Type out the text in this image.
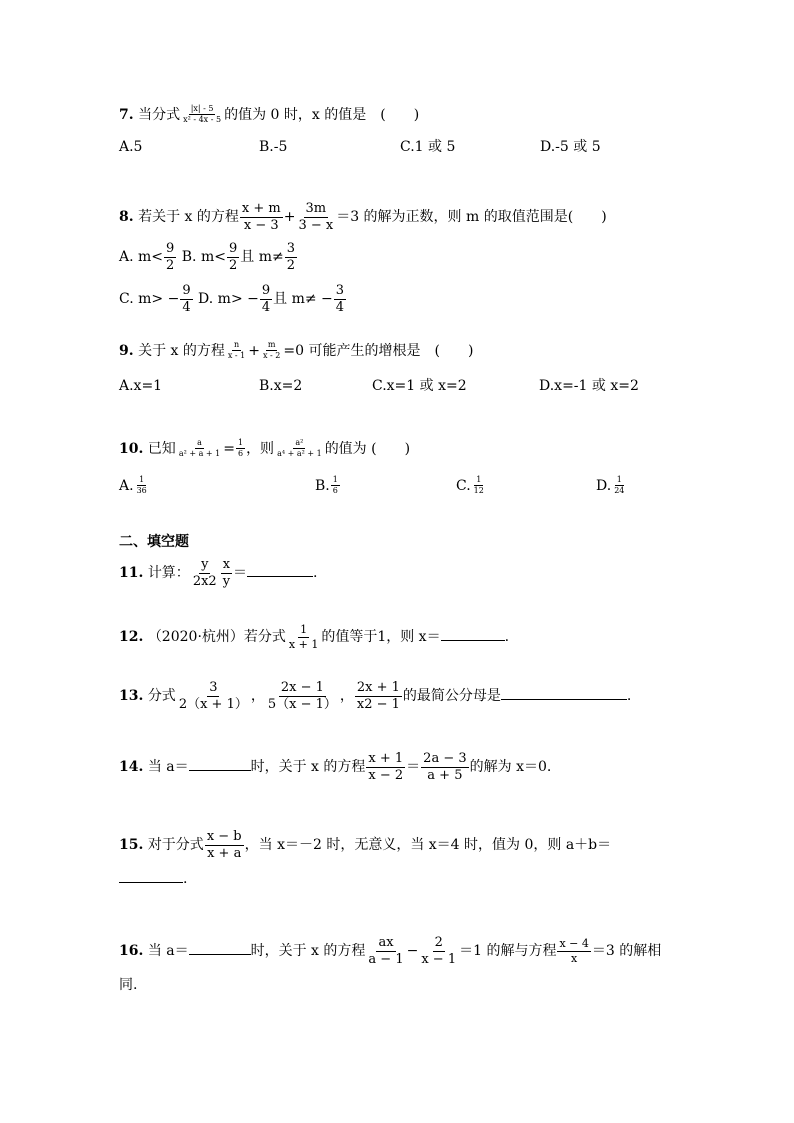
7. 当分式 $\frac{|x| - 5}{\text{x² - 4x - 5}}$ 的值为 0 时，x 的值是　(　　)
A.5	B.-5	C.1 或 5	D.-5 或 5
8. 若关于 x 的方程 $\frac{x + m}{x - 3} + \frac{3m}{3 - x} =3$ 的解为正数，则 m 的取值范围是(　　)
A. $m< \frac{9}{2} B$. $m< \frac{9}{2}$ 且 $m\ne \frac{3}{2}$
C. $m> - \frac{9}{4} D$. $m> - \frac{9}{4}$ 且 $m\ne - \frac{3}{4}$
9. 关于 x 的方程 $\frac{n}{x - 1} + \frac{m}{x - 2} =0$ 可能产生的增根是　(　　)
A.x=1	B.x=2	C.x=1 或 x=2	D.x=-1 或 x=2
10. 已知 $\frac{a}{\text{a² + a + 1}} = \frac{1}{6}$ ，则 $\frac{\text{a²}}{\text{a⁴ + a² + 1}}$ 的值为 (　　)
A. $\frac{1}{36}$	B. $\frac{1}{6}$	C. $\frac{1}{12}$	D. $\frac{1}{24}$
二、填空题
11. 计算： $\frac{y}{2x2} \frac{x}{y}$ ＝	.
12. （2020·杭州）若分式 $\frac{1}{x + 1}$ 的值等于1，则 x＝	.
13. 分式 $\frac{3}{2(x + 1)}$ ， $\frac{2x - 1}{5(x - 1)}$ ， $\frac{2x + 1}{x2 - 1}$ 的最简公分母是	.
14. 当 a＝	时，关于 x 的方程 $\frac{x + 1}{x - 2} = \frac{2a - 3}{a + 5}$ 的解为 x＝0.
15. 对于分式 $\frac{x - b}{x + a}$ ，当 x＝－2 时，无意义，当 x＝4 时，值为 0，则 a＋b＝
.
16. 当 a＝	时，关于 x 的方程 $\frac{ax}{a - 1} - \frac{2}{x - 1} =1$ 的解与方程 $\frac{x - 4}{x} =3$ 的解相
同.
